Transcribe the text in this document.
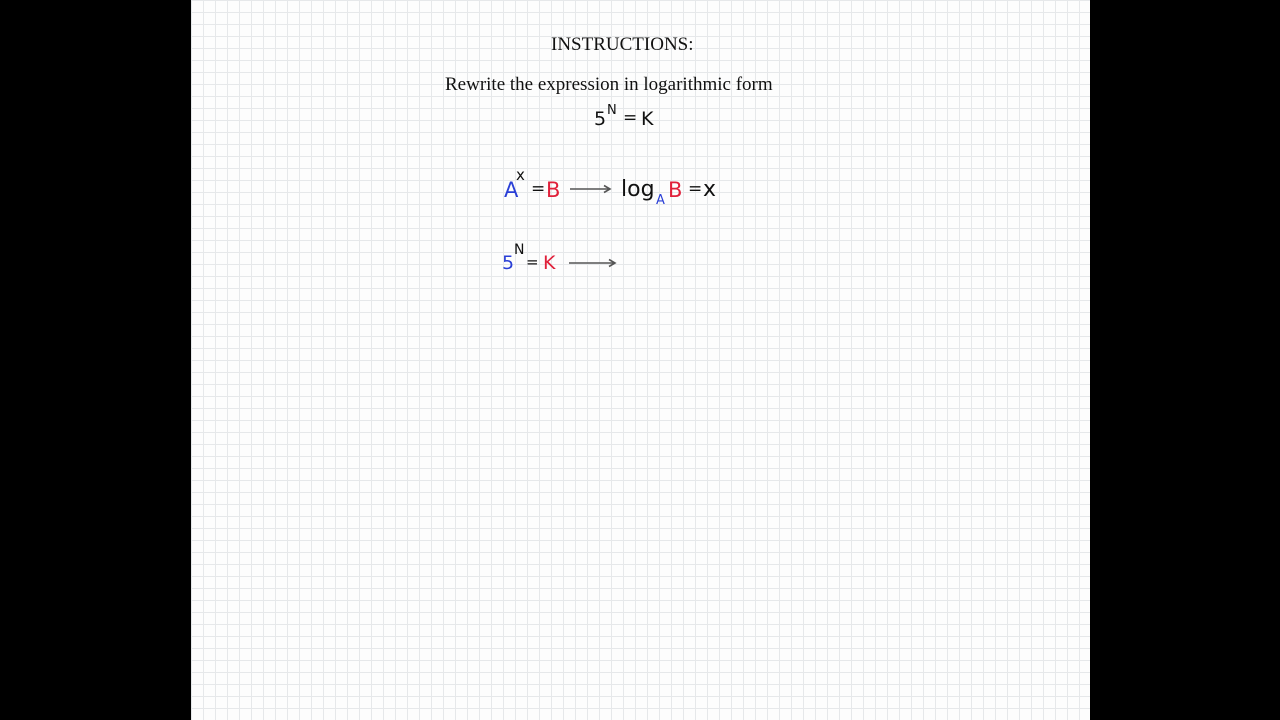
INSTRUCTIONS:
Rewrite the expression in logarithmic form
5 N = K
A
x
= B	log A B = x
5
N
= K
